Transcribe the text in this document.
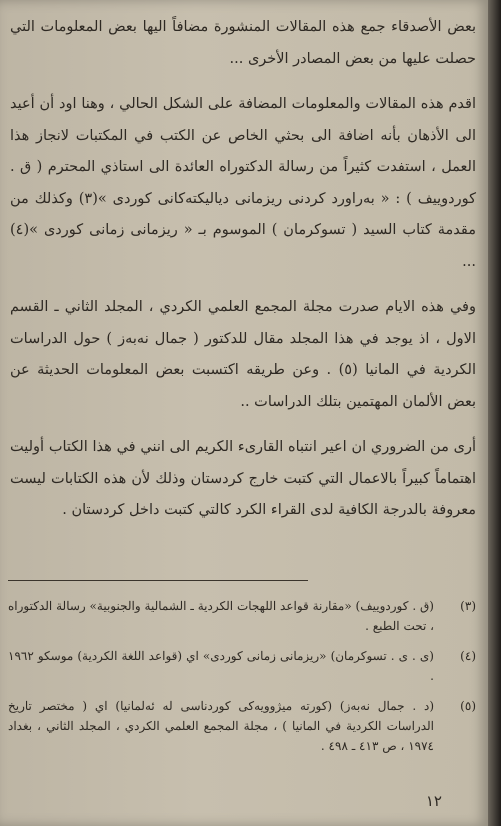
بعض الأصدقاء جمع هذه المقالات المنشورة مضافاً اليها بعض المعلومات التي حصلت عليها من بعض المصادر الأخرى ...

اقدم هذه المقالات والمعلومات المضافة على الشكل الحالي ، وهنا اود أن أعيد الى الأذهان بأنه اضافة الى بحثي الخاص عن الكتب في المكتبات لانجاز هذا العمل ، استفدت كثيراً من رسالة الدكتوراه العائدة الى استاذي المحترم ( ق . كوردوييف ) : « بەراورد كردنى ريزمانى دياليكتەكانى كوردى »(٣) وكذلك من مقدمة كتاب السيد ( تسوكرمان ) الموسوم بـ « ريزمانى زمانى كوردى »(٤) ...

وفي هذه الايام صدرت مجلة المجمع العلمي الكردي ، المجلد الثاني ـ القسم الاول ، اذ يوجد في هذا المجلد مقال للدكتور ( جمال نەبەز ) حول الدراسات الكردية في المانيا (٥) . وعن طريقه اكتسبت بعض المعلومات الحديثة عن بعض الألمان المهتمين بتلك الدراسات ..

أرى من الضروري ان اعير انتباه القارىء الكريم الى انني في هذا الكتاب أوليت اهتماماً كبيراً بالاعمال التي كتبت خارج كردستان وذلك لأن هذه الكتابات ليست معروفة بالدرجة الكافية لدى القراء الكرد كالتي كتبت داخل كردستان .

(٣)
(ق . كوردوييف) «مقارنة قواعد اللهجات الكردية ـ الشمالية والجنوبية» رسالة الدكتوراه ، تحت الطبع .
(٤)
(ى . ى . تسوكرمان) «ريزمانى زمانى كوردى» اي (قواعد اللغة الكردية) موسكو ١٩٦٢ .
(٥)
(د . جمال نەبەز) (كورتە ميژوويەكى كوردناسى لە ئەلمانيا) اي ( مختصر تاريخ الدراسات الكردية في المانيا ) ، مجلة المجمع العلمي الكردي ، المجلد الثاني ، بغداد ١٩٧٤ ، ص ٤١٣ ـ ٤٩٨ .
١٢
